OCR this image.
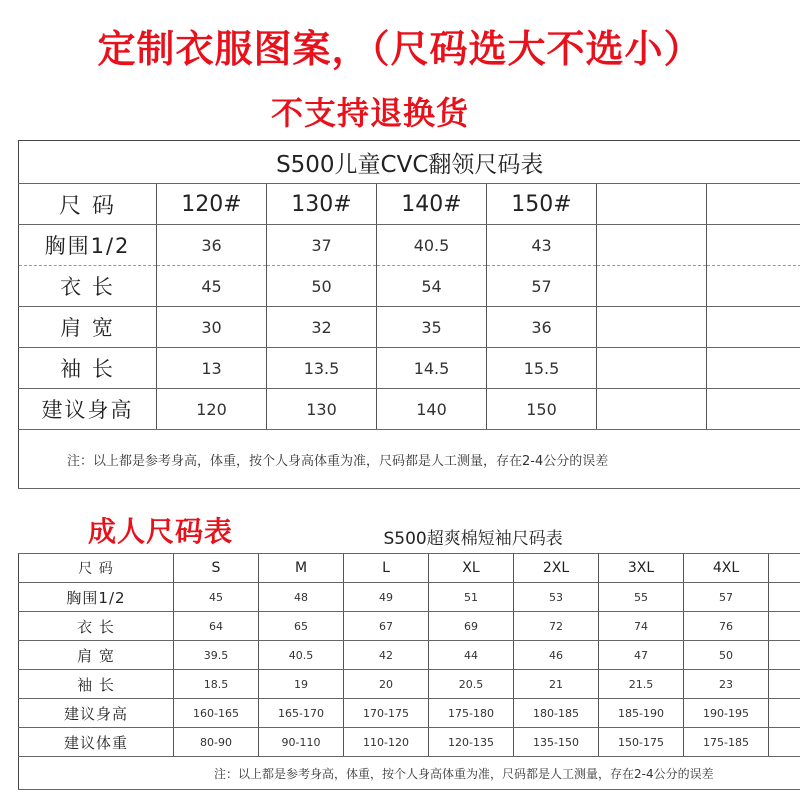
定制衣服图案，（尺码选大不选小）
不支持退换货
S500儿童CVC翻领尺码表						
尺 码	120#	130#	140#	150#		
胸围1/2	36	37	40.5	43		
衣 长	45	50	54	57		
肩 宽	30	32	35	36		
袖 长	13	13.5	14.5	15.5		
建议身高	120	130	140	150		
注：以上都是参考身高，体重，按个人身高体重为准，尺码都是人工测量，存在2-4公分的误差						
成人尺码表	S500超爽棉短袖尺码表								
尺 码	S	M	L	XL	2XL	3XL	4XL	
胸围1/2	45	48	49	51	53	55	57	
衣 长	64	65	67	69	72	74	76	
肩 宽	39.5	40.5	42	44	46	47	50	
袖 长	18.5	19	20	20.5	21	21.5	23	
建议身高	160-165	165-170	170-175	175-180	180-185	185-190	190-195	
建议体重	80-90	90-110	110-120	120-135	135-150	150-175	175-185	
注：以上都是参考身高，体重，按个人身高体重为准，尺码都是人工测量，存在2-4公分的误差								
